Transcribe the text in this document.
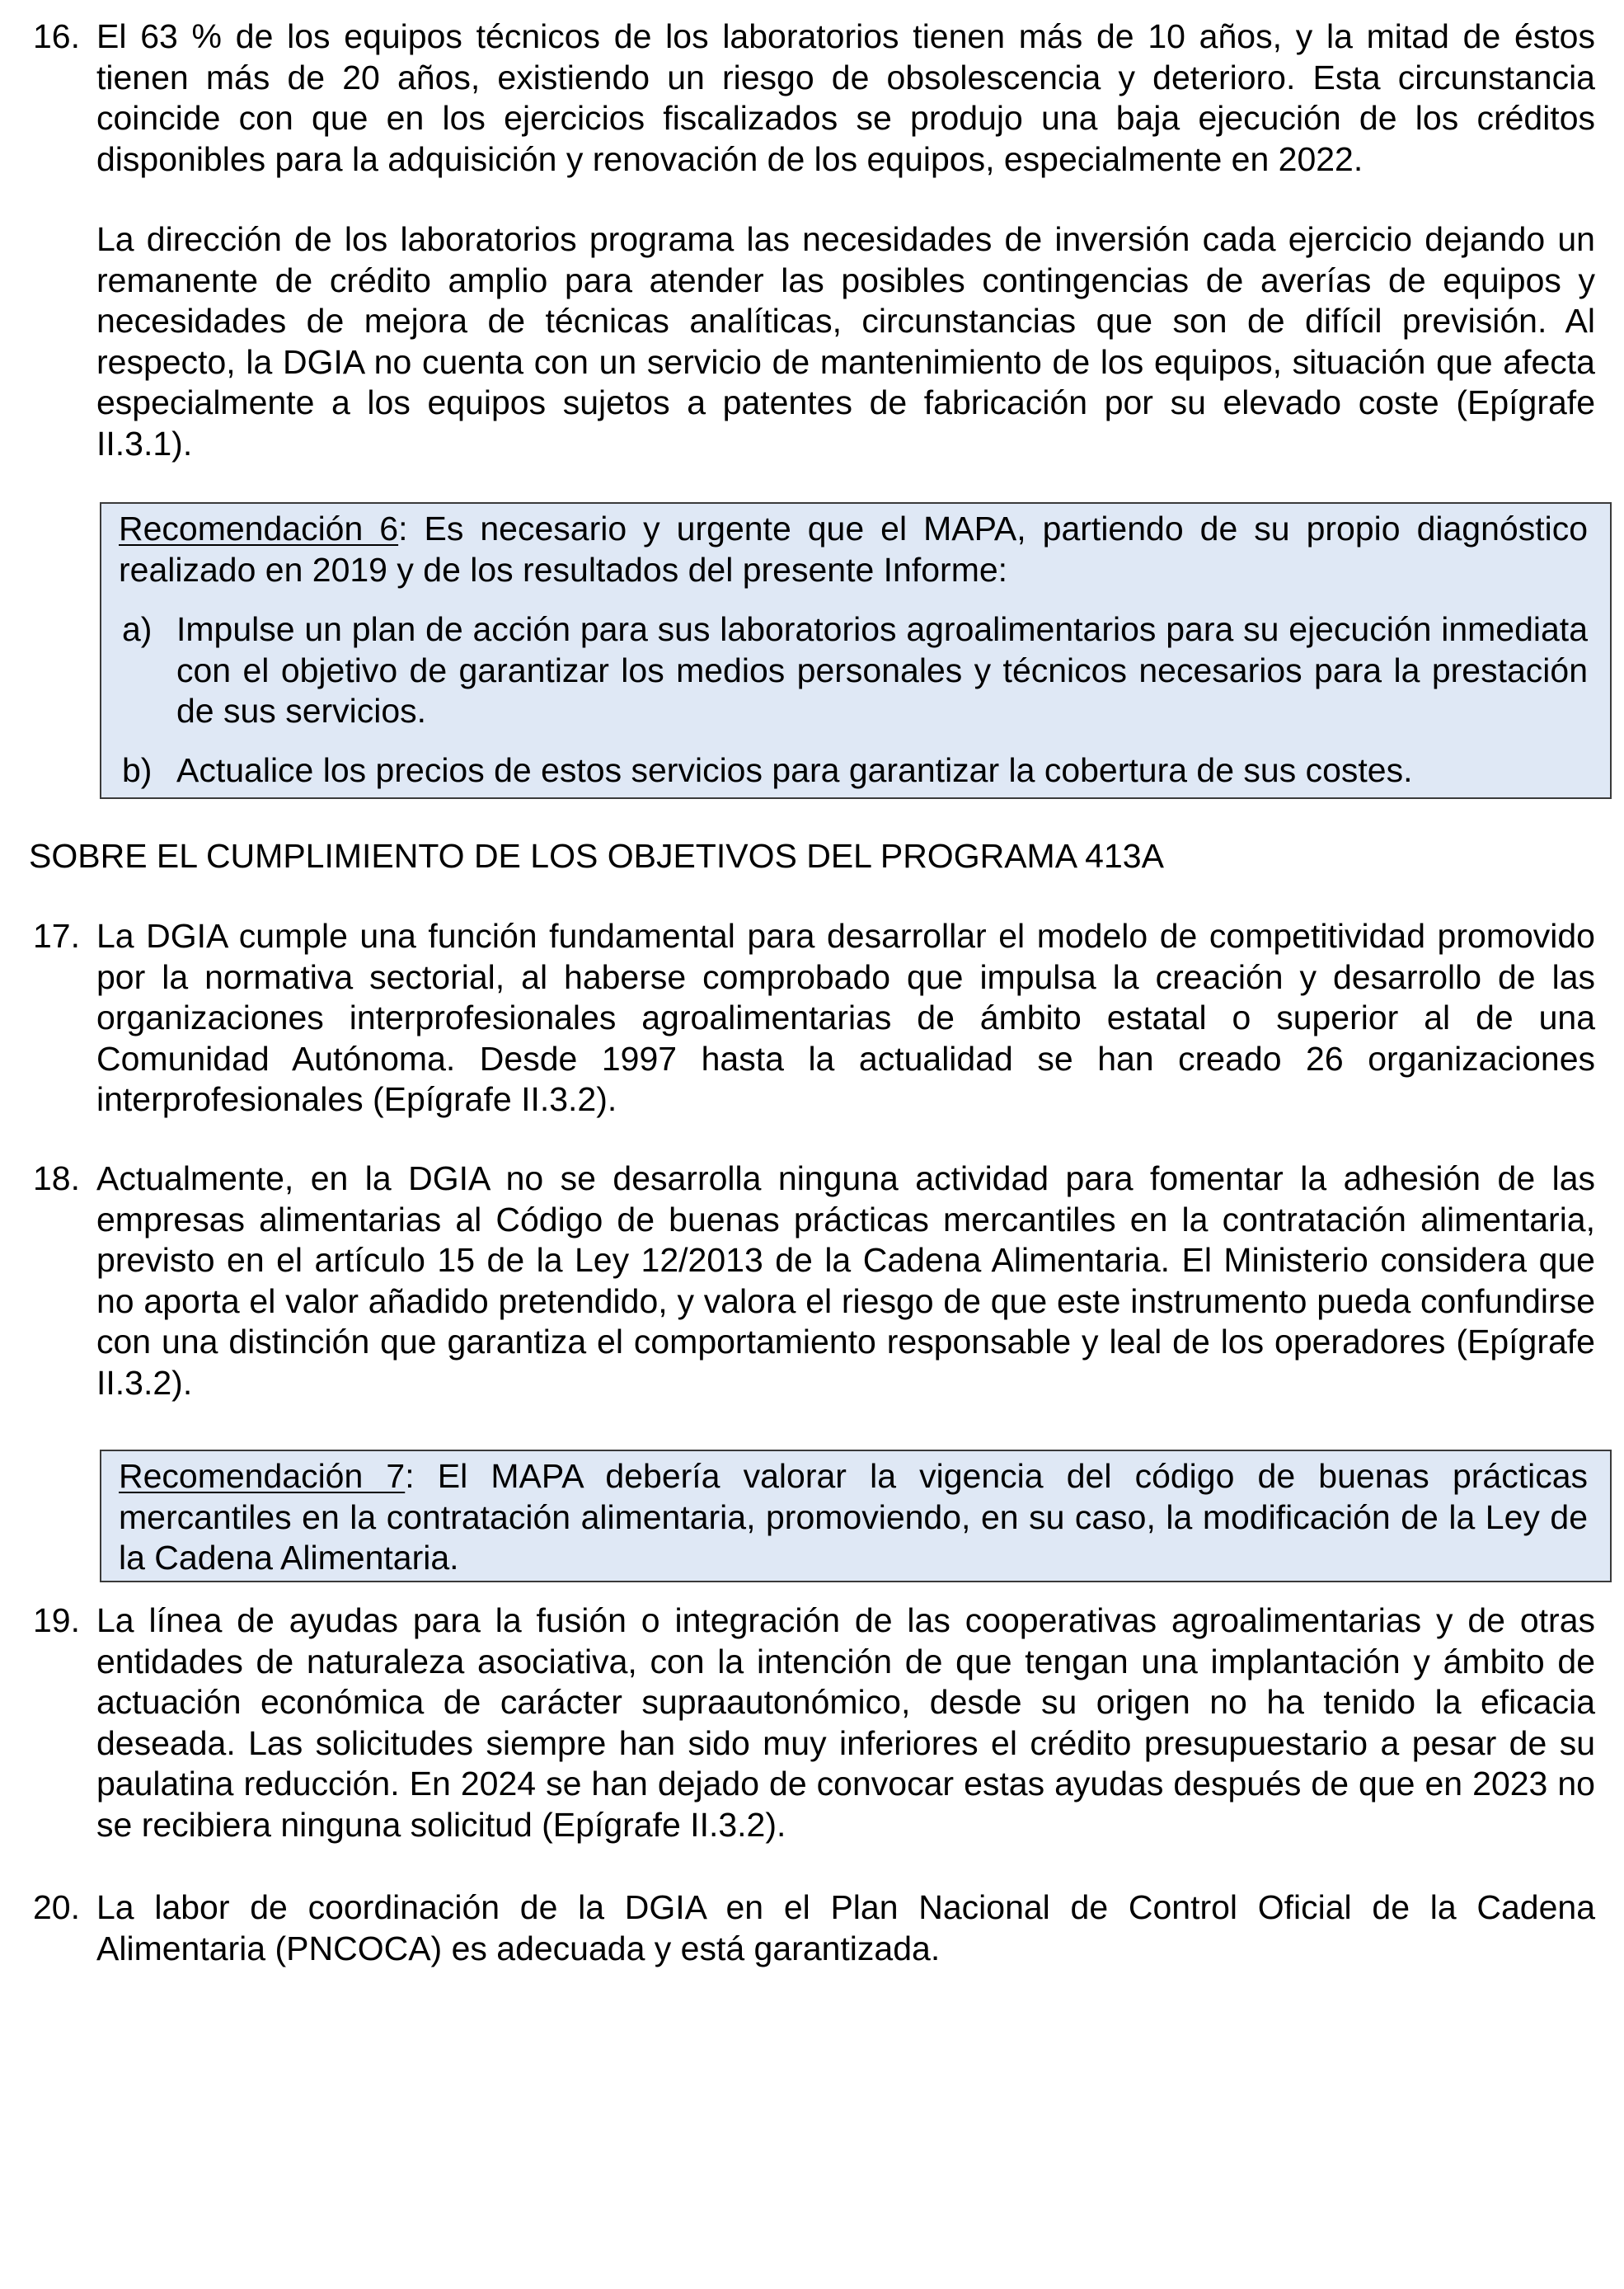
16. El 63 % de los equipos técnicos de los laboratorios tienen más de 10 años, y la mitad de éstos tienen más de 20 años, existiendo un riesgo de obsolescencia y deterioro. Esta circunstancia coincide con que en los ejercicios fiscalizados se produjo una baja ejecución de los créditos disponibles para la adquisición y renovación de los equipos, especialmente en 2022.
La dirección de los laboratorios programa las necesidades de inversión cada ejercicio dejando un remanente de crédito amplio para atender las posibles contingencias de averías de equipos y necesidades de mejora de técnicas analíticas, circunstancias que son de difícil previsión. Al respecto, la DGIA no cuenta con un servicio de mantenimiento de los equipos, situación que afecta especialmente a los equipos sujetos a patentes de fabricación por su elevado coste (Epígrafe II.3.1).
Recomendación 6: Es necesario y urgente que el MAPA, partiendo de su propio diagnóstico realizado en 2019 y de los resultados del presente Informe:
a) Impulse un plan de acción para sus laboratorios agroalimentarios para su ejecución inmediata con el objetivo de garantizar los medios personales y técnicos necesarios para la prestación de sus servicios.
b) Actualice los precios de estos servicios para garantizar la cobertura de sus costes.
SOBRE EL CUMPLIMIENTO DE LOS OBJETIVOS DEL PROGRAMA 413A
17. La DGIA cumple una función fundamental para desarrollar el modelo de competitividad promovido por la normativa sectorial, al haberse comprobado que impulsa la creación y desarrollo de las organizaciones interprofesionales agroalimentarias de ámbito estatal o superior al de una Comunidad Autónoma. Desde 1997 hasta la actualidad se han creado 26 organizaciones interprofesionales (Epígrafe II.3.2).
18. Actualmente, en la DGIA no se desarrolla ninguna actividad para fomentar la adhesión de las empresas alimentarias al Código de buenas prácticas mercantiles en la contratación alimentaria, previsto en el artículo 15 de la Ley 12/2013 de la Cadena Alimentaria. El Ministerio considera que no aporta el valor añadido pretendido, y valora el riesgo de que este instrumento pueda confundirse con una distinción que garantiza el comportamiento responsable y leal de los operadores (Epígrafe II.3.2).
Recomendación 7: El MAPA debería valorar la vigencia del código de buenas prácticas mercantiles en la contratación alimentaria, promoviendo, en su caso, la modificación de la Ley de la Cadena Alimentaria.
19. La línea de ayudas para la fusión o integración de las cooperativas agroalimentarias y de otras entidades de naturaleza asociativa, con la intención de que tengan una implantación y ámbito de actuación económica de carácter supraautonómico, desde su origen no ha tenido la eficacia deseada. Las solicitudes siempre han sido muy inferiores el crédito presupuestario a pesar de su paulatina reducción. En 2024 se han dejado de convocar estas ayudas después de que en 2023 no se recibiera ninguna solicitud (Epígrafe II.3.2).
20. La labor de coordinación de la DGIA en el Plan Nacional de Control Oficial de la Cadena Alimentaria (PNCOCA) es adecuada y está garantizada.
